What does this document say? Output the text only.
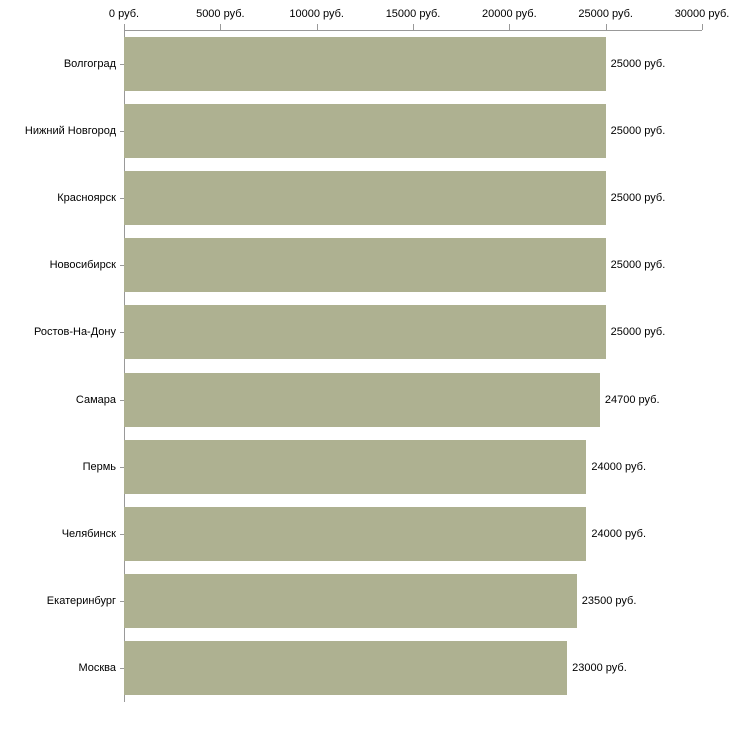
0 руб.	5000 руб.	10000 руб.	15000 руб.	20000 руб.	25000 руб.	30000 руб.
Волгоград
Нижний Новгород
Красноярск
Новосибирск
Ростов-На-Дону
Самара
Пермь
Челябинск
Екатеринбург
Москва
25000 руб.
25000 руб.
25000 руб.
25000 руб.
25000 руб.
24700 руб.
24000 руб.
24000 руб.
23500 руб.
23000 руб.
